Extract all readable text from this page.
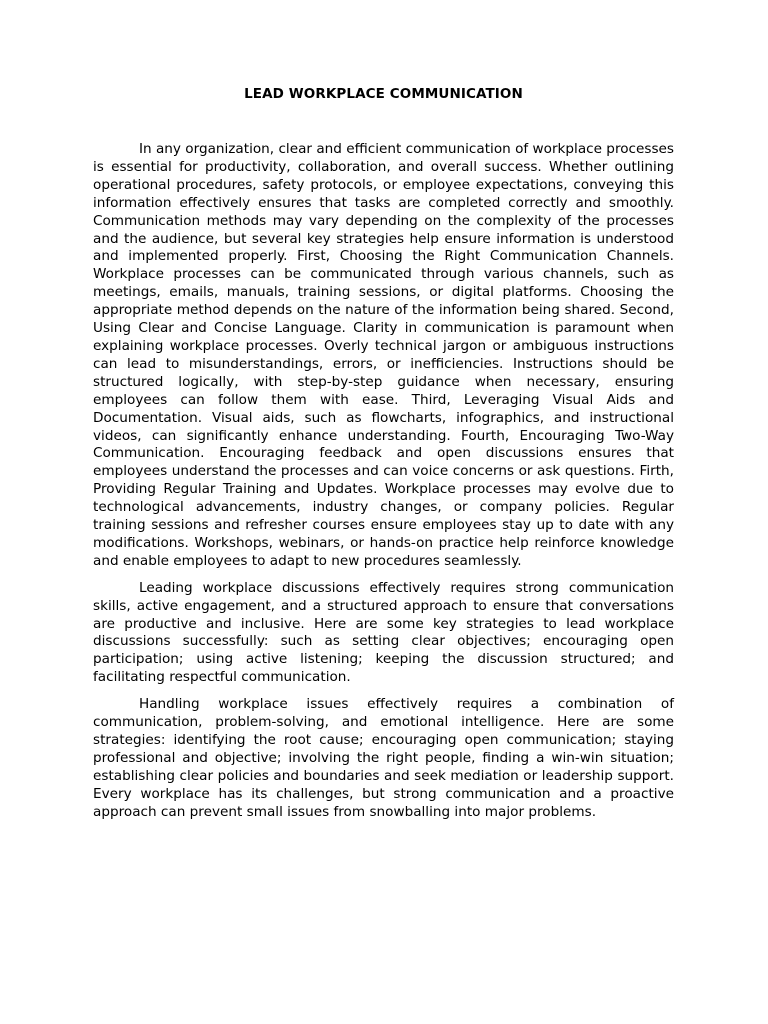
LEAD WORKPLACE COMMUNICATION

In any organization, clear and efficient communication of workplace processes is essential for productivity, collaboration, and overall success. Whether outlining operational procedures, safety protocols, or employee expectations, conveying this information effectively ensures that tasks are completed correctly and smoothly. Communication methods may vary depending on the complexity of the processes and the audience, but several key strategies help ensure information is understood and implemented properly. First, Choosing the Right Communication Channels. Workplace processes can be communicated through various channels, such as meetings, emails, manuals, training sessions, or digital platforms. Choosing the appropriate method depends on the nature of the information being shared. Second, Using Clear and Concise Language. Clarity in communication is paramount when explaining workplace processes. Overly technical jargon or ambiguous instructions can lead to misunderstandings, errors, or inefficiencies. Instructions should be structured logically, with step-by-step guidance when necessary, ensuring employees can follow them with ease. Third, Leveraging Visual Aids and Documentation. Visual aids, such as flowcharts, infographics, and instructional videos, can significantly enhance understanding. Fourth, Encouraging Two-Way Communication. Encouraging feedback and open discussions ensures that employees understand the processes and can voice concerns or ask questions. Firth, Providing Regular Training and Updates. Workplace processes may evolve due to technological advancements, industry changes, or company policies. Regular training sessions and refresher courses ensure employees stay up to date with any modifications. Workshops, webinars, or hands-on practice help reinforce knowledge and enable employees to adapt to new procedures seamlessly.

Leading workplace discussions effectively requires strong communication skills, active engagement, and a structured approach to ensure that conversations are productive and inclusive. Here are some key strategies to lead workplace discussions successfully: such as setting clear objectives; encouraging open participation; using active listening; keeping the discussion structured; and facilitating respectful communication.

Handling workplace issues effectively requires a combination of communication, problem-solving, and emotional intelligence. Here are some strategies: identifying the root cause; encouraging open communication; staying professional and objective; involving the right people, finding a win-win situation; establishing clear policies and boundaries and seek mediation or leadership support. Every workplace has its challenges, but strong communication and a proactive approach can prevent small issues from snowballing into major problems.
